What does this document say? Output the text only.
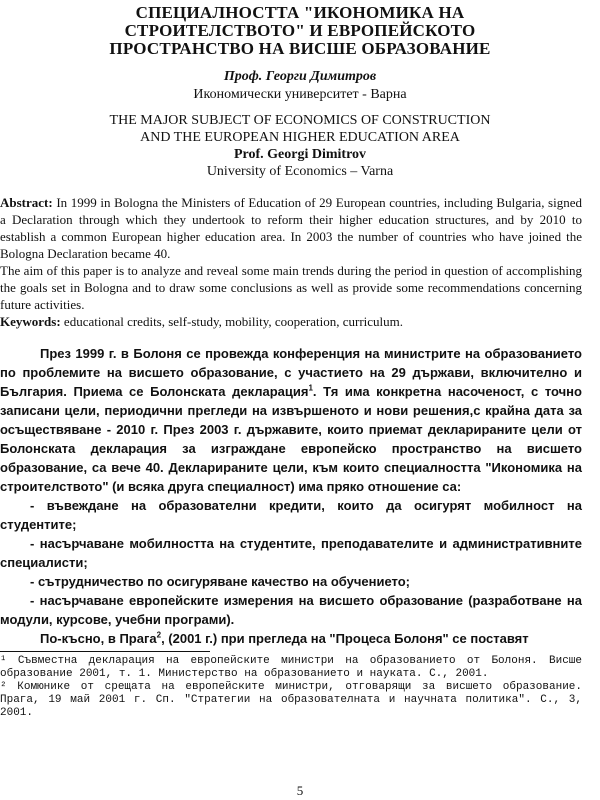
СПЕЦИАЛНОСТТА "ИКОНОМИКА НА
СТРОИТЕЛСТВОТО" И ЕВРОПЕЙСКОТО
ПРОСТРАНСТВО НА ВИСШЕ ОБРАЗОВАНИЕ
Проф. Георги Димитров
Икономически университет - Варна
THE MAJOR SUBJECT OF ECONOMICS OF CONSTRUCTION
AND THE EUROPEAN HIGHER EDUCATION AREA
Prof. Georgi Dimitrov
University of Economics – Varna

Abstract: In 1999 in Bologna the Ministers of Education of 29 European countries, including Bulgaria, signed a Declaration through which they undertook to reform their higher education structures, and by 2010 to establish a common European higher education area. In 2003 the number of countries who have joined the Bologna Declaration became 40.

The aim of this paper is to analyze and reveal some main trends during the period in question of accomplishing the goals set in Bologna and to draw some conclusions as well as provide some recommendations concerning future activities.

Keywords: educational credits, self-study, mobility, cooperation, curriculum.

През 1999 г. в Болоня се провежда конференция на министрите на образованието по проблемите на висшето образование, с участието на 29 държави, включително и България. Приема се Болонската декларация$^1$. Тя има конкретна насоченост, с точно записани цели, периодични прегледи на извършеното и нови решения,с крайна дата за осъществяване - 2010 г. През 2003 г. държавите, които приемат декларираните цели от Болонската декларация за изграждане европейско пространство на висшето образование, са вече 40. Декларираните цели, към които специалността "Икономика на строителството" (и всяка друга специалност) има пряко отношение са:

- въвеждане на образователни кредити, които да осигурят мобилност на студентите;

- насърчаване мобилността на студентите, преподавателите и административните специалисти;

- сътрудничество по осигуряване качество на обучението;

- насърчаване европейските измерения на висшето образование (разработване на модули, курсове, учебни програми).

По-късно, в Прага$^2$, (2001 г.) при прегледа на "Процеса Болоня" се поставят

¹ Съвместна декларация на европейските министри на образованието от Болоня. Висше образование 2001, т. 1. Министерство на образованието и науката. С., 2001.

² Комюнике от срещата на европейските министри, отговарящи за висшето образование. Прага, 19 май 2001 г. Сп. "Стратегии на образователната и научната политика". С., 3, 2001.

5
